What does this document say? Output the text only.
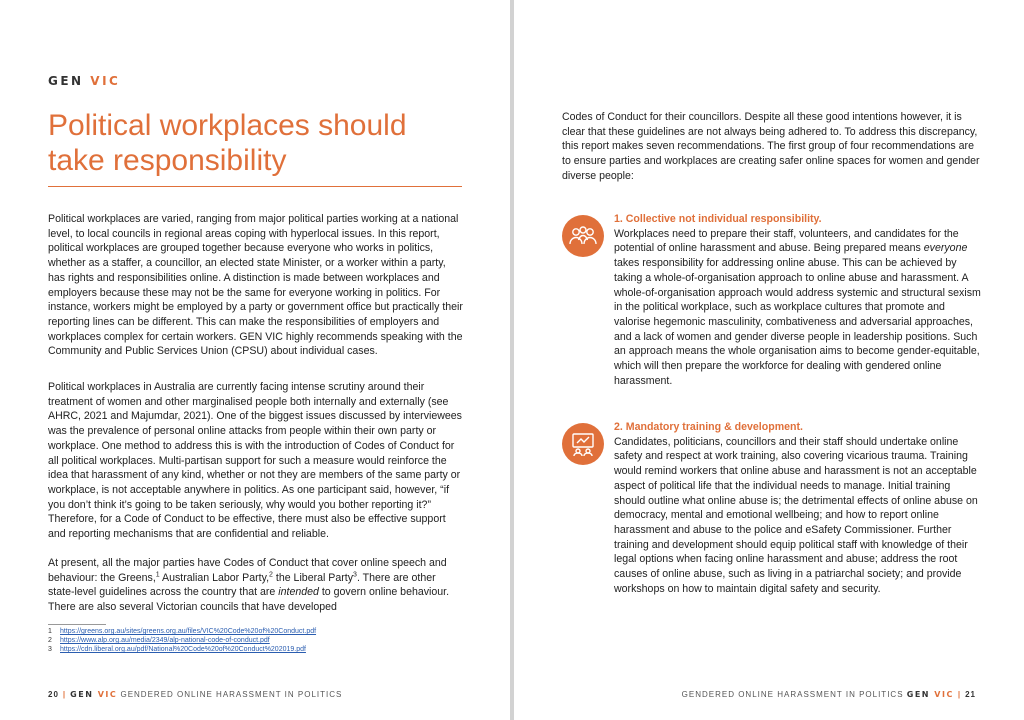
GEN VIC
Political workplaces should take responsibility

Political workplaces are varied, ranging from major political parties working at a national level, to local councils in regional areas coping with hyperlocal issues. In this report, political workplaces are grouped together because everyone who works in politics, whether as a staffer, a councillor, an elected state Minister, or a worker within a party, has rights and responsibilities online. A distinction is made between workplaces and employers because these may not be the same for everyone working in politics. For instance, workers might be employed by a party or government office but practically their reporting lines can be different. This can make the responsibilities of employers and workplaces complex for certain workers. GEN VIC highly recommends speaking with the Community and Public Services Union (CPSU) about individual cases.

Political workplaces in Australia are currently facing intense scrutiny around their treatment of women and other marginalised people both internally and externally (see AHRC, 2021 and Majumdar, 2021). One of the biggest issues discussed by interviewees was the prevalence of personal online attacks from people within their own party or workplace. One method to address this is with the introduction of Codes of Conduct for all political workplaces. Multi-partisan support for such a measure would reinforce the idea that harassment of any kind, whether or not they are members of the same party or workplace, is not acceptable anywhere in politics. As one participant said, however, “if you don’t think it’s going to be taken seriously, why would you bother reporting it?” Therefore, for a Code of Conduct to be effective, there must also be effective support and reporting mechanisms that are confidential and reliable.

At present, all the major parties have Codes of Conduct that cover online speech and behaviour: the Greens,$^1$ Australian Labor Party,$^2$ the Liberal Party$^3$. There are other state-level guidelines across the country that are intended to govern online behaviour. There are also several Victorian councils that have developed

1 https://greens.org.au/sites/greens.org.au/files/VIC%20Code%20of%20Conduct.pdf
2 https://www.alp.org.au/media/2349/alp-national-code-of-conduct.pdf
3 https://cdn.liberal.org.au/pdf/National%20Code%20of%20Conduct%202019.pdf
20 | GEN VIC GENDERED ONLINE HARASSMENT IN POLITICS

Codes of Conduct for their councillors. Despite all these good intentions however, it is clear that these guidelines are not always being adhered to. To address this discrepancy, this report makes seven recommendations. The first group of four recommendations are to ensure parties and workplaces are creating safer online spaces for women and gender diverse people:

1. Collective not individual responsibility.

Workplaces need to prepare their staff, volunteers, and candidates for the potential of online harassment and abuse. Being prepared means everyone takes responsibility for addressing online abuse. This can be achieved by taking a whole-of-organisation approach to online abuse and harassment. A whole-of-organisation approach would address systemic and structural sexism in the political workplace, such as workplace cultures that promote and valorise hegemonic masculinity, combativeness and adversarial approaches, and a lack of women and gender diverse people in leadership positions. Such an approach means the whole organisation aims to become gender-equitable, which will then prepare the workforce for dealing with gendered online harassment.

2. Mandatory training & development.

Candidates, politicians, councillors and their staff should undertake online safety and respect at work training, also covering vicarious trauma. Training would remind workers that online abuse and harassment is not an acceptable aspect of political life that the individual needs to manage. Initial training should outline what online abuse is; the detrimental effects of online abuse on democracy, mental and emotional wellbeing; and how to report online harassment and abuse to the police and eSafety Commissioner. Further training and development should equip political staff with knowledge of their legal options when facing online harassment and abuse; address the root causes of online abuse, such as living in a patriarchal society; and provide workshops on how to maintain digital safety and security.

GENDERED ONLINE HARASSMENT IN POLITICS GEN VIC | 21
